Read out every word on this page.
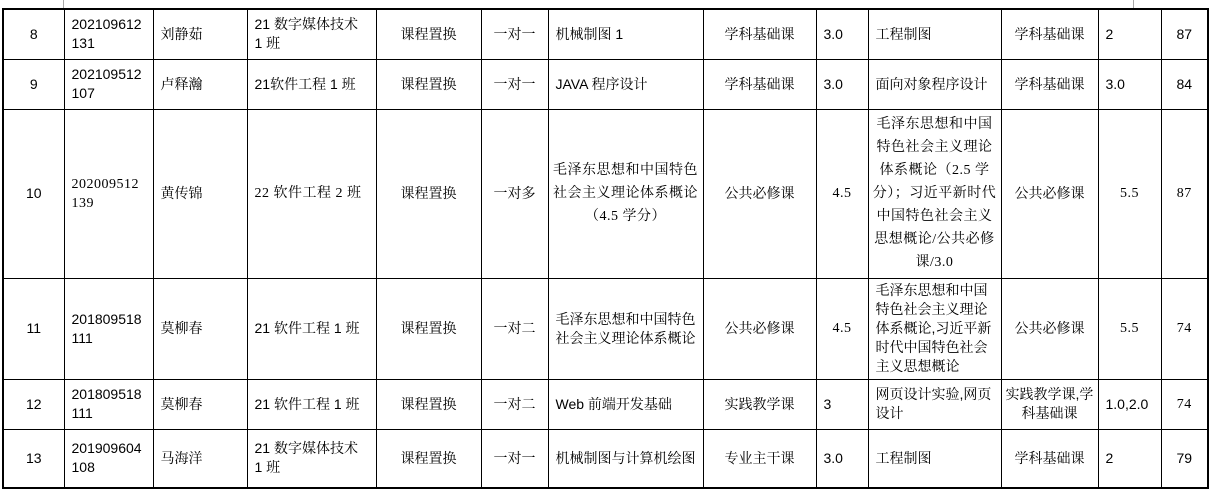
8	202109612131	刘静茹	21 数字媒体技术 1 班	课程置换	一对一	机械制图 1	学科基础课	3.0	工程制图	学科基础课	2	87
9	202109512107	卢释瀚	21软件工程 1 班	课程置换	一对一	JAVA 程序设计	学科基础课	3.0	面向对象程序设计	学科基础课	3.0	84
10	202009512139	黄传锦	22 软件工程 2 班	课程置换	一对多	毛泽东思想和中国特色社会主义理论体系概论（4.5 学分）	公共必修课	4.5	毛泽东思想和中国特色社会主义理论体系概论（2.5 学分）；习近平新时代中国特色社会主义思想概论/公共必修课/3.0	公共必修课	5.5	87
11	201809518111	莫柳春	21 软件工程 1 班	课程置换	一对二	毛泽东思想和中国特色社会主义理论体系概论	公共必修课	4.5	毛泽东思想和中国特色社会主义理论体系概论,习近平新时代中国特色社会主义思想概论	公共必修课	5.5	74
12	201809518111	莫柳春	21 软件工程 1 班	课程置换	一对二	Web 前端开发基础	实践教学课	3	网页设计实验,网页设计	实践教学课,学科基础课	1.0,2.0	74
13	201909604108	马海洋	21 数字媒体技术 1 班	课程置换	一对一	机械制图与计算机绘图	专业主干课	3.0	工程制图	学科基础课	2	79
